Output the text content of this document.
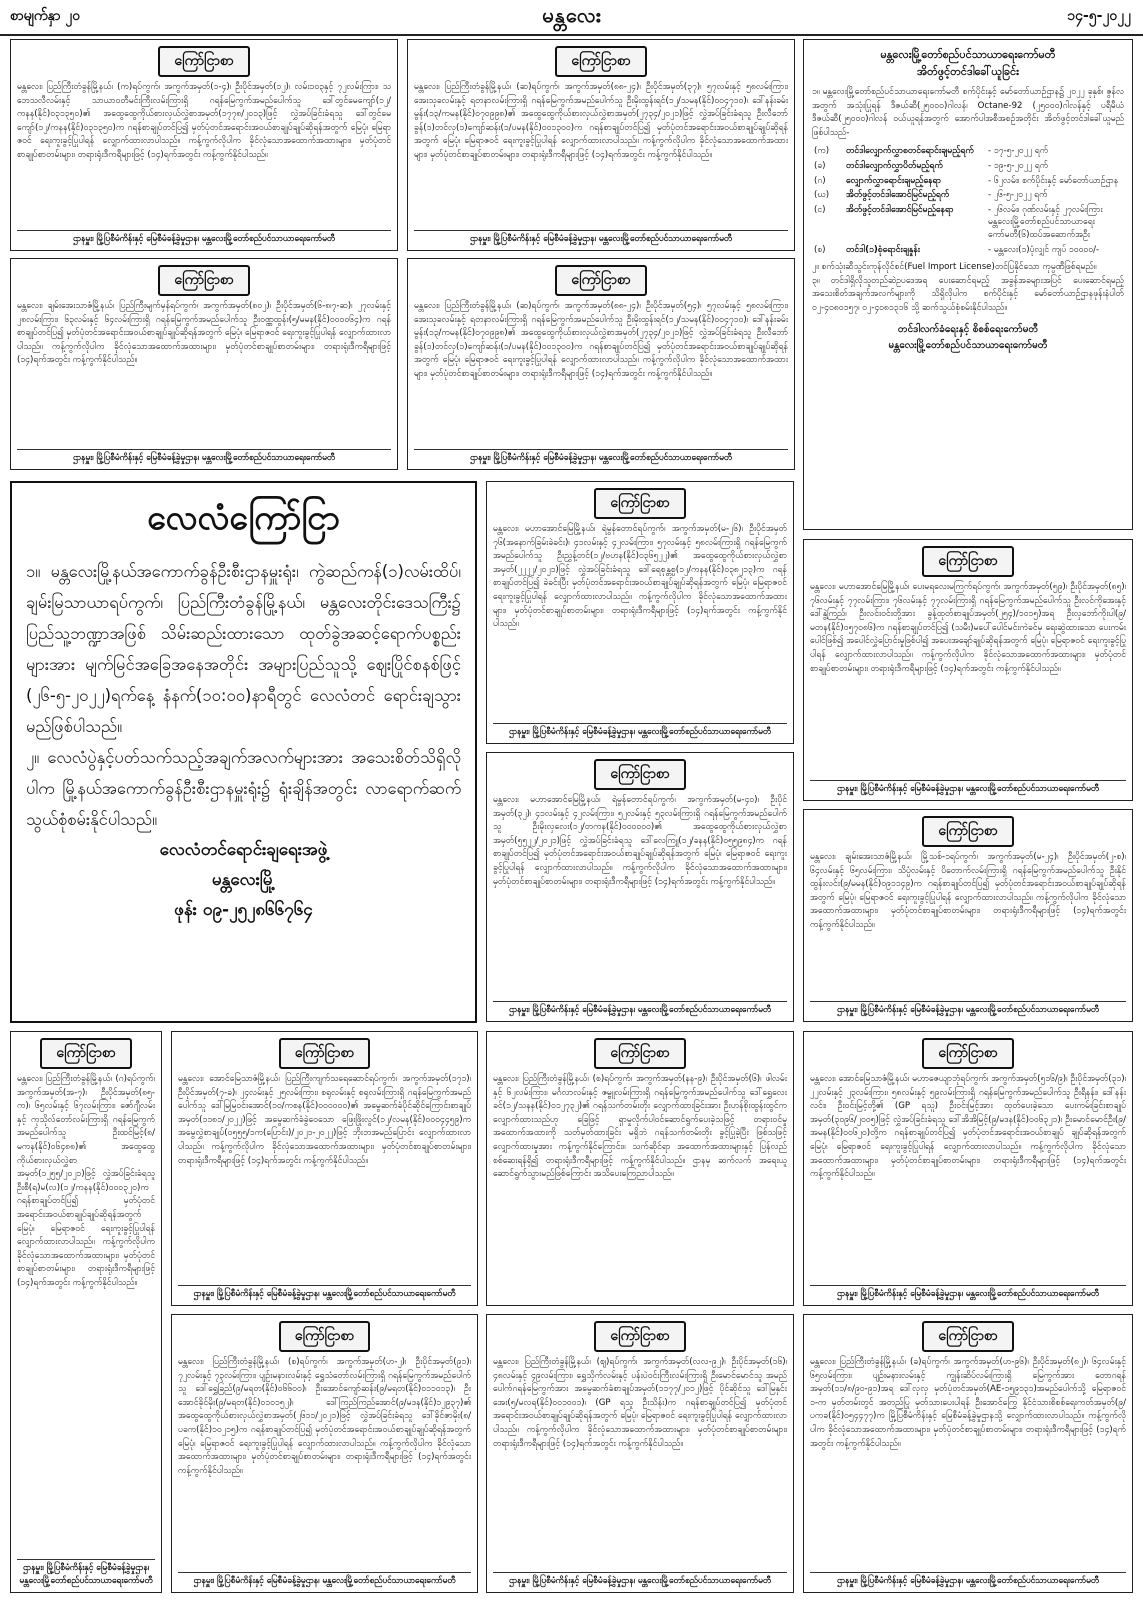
စာမျက်နှာ ၂၀	မန္တလေး	၁၄-၅-၂၀၂၂
ကြော်ငြာစာ
မန္တလေး၊ ပြည်ကြီးတံခွန်မြို့နယ်၊ (က)ရပ်ကွက်၊ အကွက်အမှတ်(၁-၄)၊ ဦးပိုင်အမှတ်(၁၂)၊ လမ်း၁၀၃နှင့် ၇၂လမ်းကြား၊ သဘေသလီလမ်းနှင့် သာယာဝတီမင်းကြီးလမ်းကြားရှိ ဂရန်မြေကွက်အမည်ပေါက်သူ ဒေါ်တွင်မေကျော်(၁၂/ကနန(နိုင်)၀၃၁၃၅၀)၏ အထွေထွေကိုယ်စားလှယ်လွှဲစာအမှတ်(၁၇၇၈/၂၀၁၃)ဖြင့် လွှဲအပ်ခြင်းခံရသူ ဒေါ်တွင်မေကျော်(၁၂/ကနန(နိုင်)၀၃၁၃၅၀)က ဂရန်စာချုပ်တင်ပြ၍ မှတ်ပုံတင်အရောင်းအဝယ်စာချုပ်ချုပ်ဆိုရန်အတွက် မြေပုံ၊ မြေရာဇဝင် ရေးကူးခွင့်ပြုပါရန် လျှောက်ထားလာပါသည်။ ကန့်ကွက်လိုပါက ခိုင်လုံသောအထောက်အထားများ၊ မှတ်ပုံတင်စာချုပ်စာတမ်းများ၊ တရားရုံးဒီကရီများဖြင့် (၁၄)ရက်အတွင်း ကန့်ကွက်နိုင်ပါသည်။
ဌာနမှူး၊ မြို့ပြစီမံကိန်းနှင့် မြေစီမံခန့်ခွဲမှုဌာန၊ မန္တလေးမြို့တော်စည်ပင်သာယာရေးကော်မတီ
ကြော်ငြာစာ
မန္တလေး၊ ပြည်ကြီးတံခွန်မြို့နယ်၊ (ဆ)ရပ်ကွက်၊ အကွက်အမှတ်(၈၈-၂၄)၊ ဦးပိုင်အမှတ်(၃၇)၊ ၅၇လမ်းနှင့် ၅၈လမ်းကြား၊ အေးသုခလမ်းနှင့် ရတနာလမ်းကြားရှိ ဂရန်မြေကွက်အမည်ပေါက်သူ ဦးမိုးထွန်းရင်(၁၂/သမန(နိုင်)၀၀၄၇၁၀)၊ ဒေါ်နန်းခမ်းမွန်း(၁၃/ကမန(နိုင်)၀၇၀၉၉၈)၏ အထွေထွေကိုယ်စားလှယ်လွှဲစာအမှတ်(၂၇၃၄/၂၀၂၁)ဖြင့် လွှဲအပ်ခြင်းခံရသူ ဦးလီဘော်ခွန်(၁)တင်လှ(၁)ကျော်ဆန်း(၁/ပမန(နိုင်)၀၀၁၃၀၀)က ဂရန်စာချုပ်တင်ပြ၍ မှတ်ပုံတင်အရောင်းအဝယ်စာချုပ်ချုပ်ဆိုရန်အတွက် မြေပုံ၊ မြေရာဇဝင် ရေးကူးခွင့်ပြုပါရန် လျှောက်ထားလာပါသည်။ ကန့်ကွက်လိုပါက ခိုင်လုံသောအထောက်အထားများ၊ မှတ်ပုံတင်စာချုပ်စာတမ်းများ၊ တရားရုံးဒီကရီများဖြင့် (၁၄)ရက်အတွင်း ကန့်ကွက်နိုင်ပါသည်။
ဌာနမှူး၊ မြို့ပြစီမံကိန်းနှင့် မြေစီမံခန့်ခွဲမှုဌာန၊ မန္တလေးမြို့တော်စည်ပင်သာယာရေးကော်မတီ
ကြော်ငြာစာ
မန္တလေး၊ ချမ်းအေးသာဇံမြို့နယ်၊ ပြည်ကြီးမျက်မှန်ရပ်ကွက်၊ အကွက်အမှတ်(၈၀၂)၊ ဦးပိုင်အမှတ်(၆-၈၊၇-ဆ)၊ ၂၇လမ်းနှင့် ၂၈လမ်းကြား၊ ၆၃လမ်းနှင့် ၆၄လမ်းကြားရှိ ဂရန်မြေကွက်အမည်ပေါက်သူ ဦးဝဏ္ဏထွန်း(၅/မမန(နိုင်)၀၀၀၀၆၄)က ဂရန်စာချုပ်တင်ပြ၍ မှတ်ပုံတင်အရောင်းအဝယ်စာချုပ်ချုပ်ဆိုရန်အတွက် မြေပုံ၊ မြေရာဇဝင် ရေးကူးခွင့်ပြုပါရန် လျှောက်ထားလာပါသည်။ ကန့်ကွက်လိုပါက ခိုင်လုံသောအထောက်အထားများ၊ မှတ်ပုံတင်စာချုပ်စာတမ်းများ၊ တရားရုံးဒီကရီများဖြင့် (၁၄)ရက်အတွင်း ကန့်ကွက်နိုင်ပါသည်။
ဌာနမှူး၊ မြို့ပြစီမံကိန်းနှင့် မြေစီမံခန့်ခွဲမှုဌာန၊ မန္တလေးမြို့တော်စည်ပင်သာယာရေးကော်မတီ
ကြော်ငြာစာ
မန္တလေး၊ ပြည်ကြီးတံခွန်မြို့နယ်၊ (ဆ)ရပ်ကွက်၊ အကွက်အမှတ်(၈၈-၂၄)၊ ဦးပိုင်အမှတ်(၅၄)၊ ၅၇လမ်းနှင့် ၅၈လမ်းကြား၊ အေးသုခလမ်းနှင့် ရတနာလမ်းကြားရှိ ဂရန်မြေကွက်အမည်ပေါက်သူ ဦးမိုးထွန်းရင်(၁၂/သမန(နိုင်)၀၀၄၇၁၀)၊ ဒေါ်နန်းခမ်းမွန်း(၁၃/ကမန(နိုင်)၀၇၀၉၉၈)၏ အထွေထွေကိုယ်စားလှယ်လွှဲစာအမှတ်(၂၇၃၄/၂၀၂၁)ဖြင့် လွှဲအပ်ခြင်းခံရသူ ဦးလီဘော်ခွန်(၁)တင်လှ(၁)ကျော်ဆန်း(၁/ပမန(နိုင်)၀၀၁၃၀၀)က ဂရန်စာချုပ်တင်ပြ၍ မှတ်ပုံတင်အရောင်းအဝယ်စာချုပ်ချုပ်ဆိုရန်အတွက် မြေပုံ၊ မြေရာဇဝင် ရေးကူးခွင့်ပြုပါရန် လျှောက်ထားလာပါသည်။ ကန့်ကွက်လိုပါက ခိုင်လုံသောအထောက်အထားများ၊ မှတ်ပုံတင်စာချုပ်စာတမ်းများ၊ တရားရုံးဒီကရီများဖြင့် (၁၄)ရက်အတွင်း ကန့်ကွက်နိုင်ပါသည်။
ဌာနမှူး၊ မြို့ပြစီမံကိန်းနှင့် မြေစီမံခန့်ခွဲမှုဌာန၊ မန္တလေးမြို့တော်စည်ပင်သာယာရေးကော်မတီ
မန္တလေးမြို့တော်စည်ပင်သာယာရေးကော်မတီ
အိတ်ဖွင့်တင်ဒါခေါ်ယူခြင်း
၁။ မန္တလေးမြို့တော်စည်ပင်သာယာရေးကော်မတီ စက်ပိုင်းနှင့် မော်တော်ယာဉ်ဌာန၌ ၂၀၂၂ ခုနှစ်၊ ဇွန်လအတွက် အသုံးပြုရန် ဒီဇယ်ဆီ(၂၅၀၀၀)ဂါလန်၊ Octane-92 (၂၅၀၀၀)ဂါလန်နှင့် ပရီမီယံဒီဇယ်ဆီ(၂၅၀၀၀)ဂါလန် ဝယ်ယူရန်အတွက် အောက်ပါအစီအစဉ်အတိုင်း အိတ်ဖွင့်တင်ဒါခေါ်ယူမည်ဖြစ်ပါသည်-
(က)	တင်ဒါလျှောက်လွှာစတင်ရောင်းချမည့်ရက်	- ၁၇-၅-၂၀၂၂ ရက်
(ခ)	တင်ဒါလျှောက်လွှာပိတ်မည့်ရက်	- ၁၉-၅-၂၀၂၂ ရက်
(ဂ)	လျှောက်လွှာရောင်းချမည့်နေရာ	- ၆၂လမ်း၊ စက်ပိုင်းနှင့် မော်တော်ယာဉ်ဌာန
(ဃ)	အိတ်ဖွင့်တင်ဒါအောင်မြင်မည့်ရက်	- ၂၆-၅-၂၀၂၂ ရက်
(င)	အိတ်ဖွင့်တင်ဒါအောင်မြင်မည့်နေရာ	- ၂၆လမ်း၊ ဂုဏ်လမ်းနှင့် ၂၇လမ်းကြား မန္တလေးမြို့တော်စည်ပင်သာယာရေးကော်မတီ(၆)ထပ်အဆောက်အဦး
(စ)	တင်ဒါ(၁)စုံရောင်းချနှုန်း	- မန္တလေး(၁)ပုံလျှင် ကျပ် ၁၀၀၀၀/-
၂။ စက်သုံးဆီသွင်းကုန်လိုင်စင်(Fuel Import License)တင်ပြနိုင်သော ကုမ္ပဏီဖြစ်ရမည်။
၃။ တင်ဒါရှိလိုသူတည်ဆဲဥပဒေအရ ပေးဆောင်ရမည့် အခွန်အခများအပြင် ပေးဆောင်ရမည့် အသေးစိတ်အချက်အလက်များကို သိရှိလိုပါက စက်ပိုင်းနှင့် မော်တော်ယာဉ်ဌာနဖုန်းနံပါတ် ၀၂-၄၀၈၀၁၅၇၊ ၀၂-၄၀၈၁၃၁၆ သို့ ဆက်သွယ်စုံစမ်းနိုင်ပါသည်။
တင်ဒါလက်ခံရေးနှင့် စိစစ်ရေးကော်မတီ
မန္တလေးမြို့တော်စည်ပင်သာယာရေးကော်မတီ
လေလံကြော်ငြာ
၁။ မန္တလေးမြို့နယ်အကောက်ခွန်ဦးစီးဌာနမှူးရုံး၊ ကွဲဆည်ကန်(၁)လမ်းထိပ်၊ ချမ်းမြသာယာရပ်ကွက်၊ ပြည်ကြီးတံခွန်မြို့နယ်၊ မန္တလေးတိုင်းဒေသကြီး၌ ပြည်သူ့ဘဏ္ဍာအဖြစ် သိမ်းဆည်းထားသော ထုတ်ခွဲအဆင့်ရောက်ပစ္စည်းများအား မျက်မြင်အခြေအနေအတိုင်း အများပြည်သူသို့ ဈေးပြိုင်စနစ်ဖြင့် (၂၆-၅-၂၀၂၂)ရက်နေ့ နံနက်(၁၀:၀၀)နာရီတွင် လေလံတင် ရောင်းချသွားမည်ဖြစ်ပါသည်။
၂။ လေလံပွဲနှင့်ပတ်သက်သည့်အချက်အလက်များအား အသေးစိတ်သိရှိလိုပါက မြို့နယ်အကောက်ခွန်ဦးစီးဌာနမှူးရုံး၌ ရုံးချိန်အတွင်း လာရောက်ဆက်သွယ်စုံစမ်းနိုင်ပါသည်။
လေလံတင်ရောင်းချရေးအဖွဲ့
မန္တလေးမြို့
ဖုန်း ၀၉-၂၅၂၈၆၆၇၆၄
ကြော်ငြာစာ
မန္တလေး၊ မဟာအောင်မြေမြို့နယ်၊ ရဲမွန်တောင်ရပ်ကွက်၊ အကွက်အမှတ်(မ-၂၆)၊ ဦးပိုင်အမှတ် ၇၆(အနောက်ခြမ်းခဲခင်း)၊ ၄၁လမ်းနှင့် ၄၂လမ်းကြား၊ ၅၇လမ်းနှင့် ၅၈လမ်းကြားရှိ ဂရန်မြေကွက်အမည်ပေါက်သူ ဦးညွှန့်တင်(၁၂/ဗဟန(နိုင်)၀၃၆၅၂၂)၏ အထွေထွေကိုယ်စားလှယ်လွှဲစာအမှတ်(၂၂၂၂/၂၀၂၁)ဖြင့် လွှဲအပ်ခြင်းခံရသူ ဒေါ်ရေစုန္တစ္ပ(၁၂/ကနန(နိုင်)၀၃၈၂၁၃)က ဂရန်စာချုပ်တင်ပြ၍ ခဲခင်းပြီး မှတ်ပုံတင်အရောင်းအဝယ်စာချုပ်ချုပ်ဆိုရန်အတွက် မြေပုံ၊ မြေရာဇဝင် ရေးကူးခွင့်ပြုပါရန် လျှောက်ထားလာပါသည်။ ကန့်ကွက်လိုပါက ခိုင်လုံသောအထောက်အထားများ၊ မှတ်ပုံတင်စာချုပ်စာတမ်းများ၊ တရားရုံးဒီကရီများဖြင့် (၁၄)ရက်အတွင်း ကန့်ကွက်နိုင်ပါသည်။
ဌာနမှူး၊ မြို့ပြစီမံကိန်းနှင့် မြေစီမံခန့်ခွဲမှုဌာန၊ မန္တလေးမြို့တော်စည်ပင်သာယာရေးကော်မတီ
ကြော်ငြာစာ
မန္တလေး၊ မဟာအောင်မြေမြို့နယ်၊ ရဲမွန်တောင်ရပ်ကွက်၊ အကွက်အမှတ်(မ-၄၀)၊ ဦးပိုင်အမှတ်(၃၂)၊ ၄၁လမ်းနှင့် ၄၂လမ်းကြား၊ ၅၂လမ်းနှင့် ၅၃လမ်းကြားရှိ ဂရန်မြေကွက်အမည်ပေါက်သူ ဦးမိုးလှလေး(၁၂/တကန(နိုင်)၀၀၀၀၀၀)၏ အထွေထွေကိုယ်စားလှယ်လွှဲစာအမှတ်(၅၅၂၂/၂၀၂၁)ဖြင့် လွှဲအပ်ခြင်းခံရသူ ဒေါ်လေကြူ(၁၂/ခနန(နိုင်)၀၅၅၉၈၄)က ဂရန်စာချုပ်တင်ပြ၍ မှတ်ပုံတင်အရောင်းအဝယ်စာချုပ်ချုပ်ဆိုရန်အတွက် မြေပုံ၊ မြေရာဇဝင် ရေးကူးခွင့်ပြုပါရန် လျှောက်ထားလာပါသည်။ ကန့်ကွက်လိုပါက ခိုင်လုံသောအထောက်အထားများ၊ မှတ်ပုံတင်စာချုပ်စာတမ်းများ၊ တရားရုံးဒီကရီများဖြင့် (၁၄)ရက်အတွင်း ကန့်ကွက်နိုင်ပါသည်။
ဌာနမှူး၊ မြို့ပြစီမံကိန်းနှင့် မြေစီမံခန့်ခွဲမှုဌာန၊ မန္တလေးမြို့တော်စည်ပင်သာယာရေးကော်မတီ
ကြော်ငြာစာ
မန္တလေး၊ မဟာအောင်မြေမြို့နယ်၊ ပေးမရလေးမကြက်ရပ်ကွက်၊ အကွက်အမှတ်(၅၉)၊ ဦးပိုင်အမှတ်(၈၅)၊ ၇၆လမ်းနှင့် ၇၇လမ်းကြား၊ ၇၆လမ်းနှင့် ၇၇လမ်းကြားရှိ ဂရန်မြေကွက်အမည်ပေါက်သူ ဦးလင်ကိုအေးနှင့် ဒေါ်နွဲ့ကြည်၊ ဦးလင်းဝင်းတို့အား ခွန့်ထုတ်စာချုပ်အမှတ်(၂၅၄)/၁၀၁၅)အရ ဦးလှဘော်ကိုးပါ(၉/မတန(နိုင်)၀၅၇၀၈၆)က ဂရန်စာချုပ်တင်ပြ၍ (သမီး)မပေါ်ပေါင်မင်းကဲခင်မှ ရေးဆွဲထားသော ပေးကမ်းပေါင်ဖြစ်၍ အပေါင်လွှဲပြောင်းမှုဖြစ်ပါ၍ အပေးအချော်ချုပ်ဆိုရန်အတွက် မြေပုံ၊ မြေရာဇဝင် ရေးကူးခွင့်ပြုပါရန် လျှောက်ထားလာပါသည်။ ကန့်ကွက်လိုပါက ခိုင်လုံသောအထောက်အထားများ၊ မှတ်ပုံတင်စာချုပ်စာတမ်းများ၊ တရားရုံးဒီကရီများဖြင့် (၁၄)ရက်အတွင်း ကန့်ကွက်နိုင်ပါသည်။
ဌာနမှူး၊ မြို့ပြစီမံကိန်းနှင့် မြေစီမံခန့်ခွဲမှုဌာန၊ မန္တလေးမြို့တော်စည်ပင်သာယာရေးကော်မတီ
ကြော်ငြာစာ
မန္တလေး၊ ချမ်းအေးသာဇံမြို့နယ်၊ မြို့သစ်-၁ရပ်ကွက်၊ အကွက်အမှတ်(မ-၂၄)၊ ဦးပိုင်အမှတ်(၂-စ)၊ ၆၄လမ်းနှင့် ၆၅လမ်းကြား၊ သိပ္ပံလမ်းနှင့် ပိတောက်လမ်းကြားရှိ ဂရန်မြေကွက်အမည်ပေါက်သူ ဦးနိုင်ထွန်းလင်း(၉/မမန(နိုင်)၀၉၁၁၄၉)က ဂရန်စာချုပ်တင်ပြ၍ မှတ်ပုံတင်အရောင်းအဝယ်စာချုပ်ချုပ်ဆိုရန်အတွက် မြေပုံ၊ မြေရာဇဝင် ရေးကူးခွင့်ပြုပါရန် လျှောက်ထားလာပါသည်။ ကန့်ကွက်လိုပါက ခိုင်လုံသောအထောက်အထားများ၊ မှတ်ပုံတင်စာချုပ်စာတမ်းများ၊ တရားရုံးဒီကရီများဖြင့် (၁၄)ရက်အတွင်း ကန့်ကွက်နိုင်ပါသည်။
ဌာနမှူး၊ မြို့ပြစီမံကိန်းနှင့် မြေစီမံခန့်ခွဲမှုဌာန၊ မန္တလေးမြို့တော်စည်ပင်သာယာရေးကော်မတီ
ကြော်ငြာစာ
မန္တလေး၊ ပြည်ကြီးတံခွန်မြို့နယ်၊ (ဂ)ရပ်ကွက်၊ အကွက်အမှတ်(အ-၇)၊ ဦးပိုင်အမှတ်(၈၅-က)၊ ၆၅လမ်းနှင့် ၆၇လမ်းကြား၊ ဇော်ဂျီလမ်းနှင့် ကုသိုလ်တော်လမ်းကြားရှိ ဂရန်မြေကွက်အမည်ပေါက်သူ ဦးထင်မြင့်(၈/မကန(နိုင်)၀၆၄၈၈)၏ အထွေထွေကိုယ်စားလှယ်လွှဲစာအမှတ်(၁၂၅၅/၂၀၂၁)ဖြင့် လွှဲအပ်ခြင်းခံရသူ ဦးစီ(ရ)မ(လ)(၁၂/ကနန(နိုင်)၀၀၀၃၂၀)က ဂရန်စာချုပ်တင်ပြ၍ မှတ်ပုံတင်အရောင်းအဝယ်စာချုပ်ချုပ်ဆိုရန်အတွက် မြေပုံ၊ မြေရာဇဝင် ရေးကူးခွင့်ပြုပါရန် လျှောက်ထားလာပါသည်။ ကန့်ကွက်လိုပါက ခိုင်လုံသောအထောက်အထားများ၊ မှတ်ပုံတင်စာချုပ်စာတမ်းများ၊ တရားရုံးဒီကရီများဖြင့် (၁၄)ရက်အတွင်း ကန့်ကွက်နိုင်ပါသည်။
ဌာနမှူး၊ မြို့ပြစီမံကိန်းနှင့် မြေစီမံခန့်ခွဲမှုဌာန၊ မန္တလေးမြို့တော်စည်ပင်သာယာရေးကော်မတီ
ကြော်ငြာစာ
မန္တလေး၊ အောင်မြေသာဇံမြို့နယ်၊ ပြည်ကြီးကျက်သရေဆောင်ရပ်ကွက်၊ အကွက်အမှတ်(၁၇၁)၊ ဦးပိုင်အမှတ်(၇-ခ)၊ ၂၄လမ်းနှင့် ၂၅လမ်းကြား၊ စရုလမ်းနှင့် စရုလမ်းကြားရှိ ဂရန်မြေကွက်အမည်ပေါက်သူ ဒေါ်မြမြဝင်းအောင်(၁၀/ကစန(နိုင်)၀၀၀၀၀၀)၏ အမွေဆက်ခံပိုင်ဆိုင်ကြောင်းစာချုပ်အမှတ်(၁၁၈၁/၂၀၂၂)ဖြင့် အမွေဆက်ခံခွဲဝေသော ဖြေးဖြိုးလွင်(၁၂/လမန(နိုင်)၀၀၀၄၄၅၉)က အမွေလွှဲစာချုပ်(၀၅၅၅/၁က(ပြောင်း)/၂၀၂၁-၂၀၂၂)ဖြင့် ဘိုးဘအမည်ပြောင်း လျှောက်ထားလာပါသည်။ ကန့်ကွက်လိုပါက ခိုင်လုံသောအထောက်အထားများ၊ မှတ်ပုံတင်စာချုပ်စာတမ်းများ၊ တရားရုံးဒီကရီများဖြင့် (၁၄)ရက်အတွင်း ကန့်ကွက်နိုင်ပါသည်။
ဌာနမှူး၊ မြို့ပြစီမံကိန်းနှင့် မြေစီမံခန့်ခွဲမှုဌာန၊ မန္တလေးမြို့တော်စည်ပင်သာယာရေးကော်မတီ
ကြော်ငြာစာ
မန္တလေး၊ ပြည်ကြီးတံခွန်မြို့နယ်၊ (စ)ရပ်ကွက်၊ အကွက်အမှတ်(နန-၉)၊ ဦးပိုင်အမှတ်(၆)၊ ဖါလမ်းနှင့် ၆၂လမ်းကြား၊ မင်္ဂလာလမ်းနှင့် ဇမ္ဗူလမ်းကြားရှိ ဂရန်မြေကွက်အမည်ပေါက်သူ ဒေါ်ရွှေလေးခင်(၁၂/သနန(နိုင်)၀၁၂၇၃၂)၏ ဂရန်သက်တမ်းတိုး လျှောက်ထားခြင်းအား ဦးဟန်စိုးထွန်းထွင်က လျှောက်ထားသည်ဟု ခြေဖြင့် ရှာမှုလိုက်ပါဝင်ဆောင်ရွက်ပေးခဲ့သဖြင့် တရားဝင်မှုအထောက်အထားကို သတ်မှတ်ထားခြင်း မရှိဘဲ ဂရန်သက်တမ်းတိုး ခွင့်ပြုခဲ့ပြီး ဖြစ်သဖြင့် လျှောက်ထားမှုအား ကန့်ကွက်နိုင်ကြောင်း။ သက်ဆိုင်ရာ အထောက်အထားများနှင့် ပြန်လည်စစ်ဆေးရန်ရှိ၍ တရားရုံးဒီကရီများဖြင့် ကန့်ကွက်နိုင်ပါသည်။ ဌာနမှ ဆက်လက် အရေးယူဆောင်ရွက်သွားမည်ဖြစ်ကြောင်း အသိပေးကြေညာပါသည်။
ကြော်ငြာစာ
မန္တလေး၊ အောင်မြေသာဇံမြို့နယ်၊ မဟာဇေယျာဘုံရပ်ကွက်၊ အကွက်အမှတ်(၅၁၆/၉)၊ ဦးပိုင်အမှတ်(၃၁)၊ ၂၂လမ်းနှင့် ၂၃လမ်းကြား၊ ၅၈လမ်းနှင့် ၅၉လမ်းကြားရှိ ဂရန်မြေကွက်အမည်ပေါက်သူ ဦးရီနန်း၊ ဒေါ်နန်းလင်း၊ ဦးဝင်းမြင့်တို့၏ (GP ရသူ) ဦးဝင်းမြင့်အား ထုတ်ပေးခဲ့သော ပေးကမ်းခြင်းစာချုပ်အမှတ်(၃၀၉၆/၂၀၀၅)ဖြင့် လွှဲအပ်ခြင်းခံရသူ ဒေါ်အိအိမြင့်(၉/မဒန(နိုင်)၀၀၆၃၂၁)၊ ဦးမောင်မောင်ဦး(၉/အမန(နိုင်)၀၀၆၂၀)တို့က ဂရန်စာချုပ်တင်ပြ၍ မှတ်ပုံတင်အရောင်းအဝယ်စာချုပ် ချုပ်ဆိုရန်အတွက် မြေပုံ၊ မြေရာဇဝင် ရေးကူးခွင့်ပြုပါရန် လျှောက်ထားလာပါသည်။ ကန့်ကွက်လိုပါက ခိုင်လုံသောအထောက်အထားများ၊ မှတ်ပုံတင်စာချုပ်စာတမ်းများ၊ တရားရုံးဒီကရီများဖြင့် (၁၄)ရက်အတွင်း ကန့်ကွက်နိုင်ပါသည်။
ဌာနမှူး၊ မြို့ပြစီမံကိန်းနှင့် မြေစီမံခန့်ခွဲမှုဌာန၊ မန္တလေးမြို့တော်စည်ပင်သာယာရေးကော်မတီ
ကြော်ငြာစာ
မန္တလေး၊ ပြည်ကြီးတံခွန်မြို့နယ်၊ (စ)ရပ်ကွက်၊ အကွက်အမှတ်(ဟ-၂)၊ ဦးပိုင်အမှတ်(၉၁)၊ ၇၂လမ်းနှင့် ၇၃လမ်းကြား၊ ပျဉ်းမနားလမ်းနှင့် ရွှေသံတော်လမ်းကြားရှိ ဂရန်မြေကွက်အမည်ပေါက်သူ ဒေါ်ရွှေခြည်(၉/မရတ(နိုင်)၀၆၆၀၀)၊ ဦးအောင်ကျော်ဆန်း(၉/မရတ(နိုင်)၀၁၁၀၁၃)၊ ဦးအောင်ခိုင်မိုး(၉/မရတ(နိုင်)၀၁၀၁၅၂)၊ ဒေါ်ကြည်ကြည်အောင်(၉/မဒန(နိုင်)၁၂၉၃၇)၏ အထွေထွေကိုယ်စားလှယ်လွှဲစာအမှတ်(၂၆၁၁/၂၀၂၁)ဖြင့် လွှဲအပ်ခြင်းခံရသူ ဒေါ်ခိုင်ဇာမိုး(၈/ပခက(နိုင်)၁၀၂၁၅)က ဂရန်စာချုပ်တင်ပြ၍ မှတ်ပုံတင်အရောင်းအဝယ်စာချုပ်ချုပ်ဆိုရန်အတွက် မြေပုံ၊ မြေရာဇဝင် ရေးကူးခွင့်ပြုပါရန် လျှောက်ထားလာပါသည်။ ကန့်ကွက်လိုပါက ခိုင်လုံသောအထောက်အထားများ၊ မှတ်ပုံတင်စာချုပ်စာတမ်းများ၊ တရားရုံးဒီကရီများဖြင့် (၁၄)ရက်အတွင်း ကန့်ကွက်နိုင်ပါသည်။
ဌာနမှူး၊ မြို့ပြစီမံကိန်းနှင့် မြေစီမံခန့်ခွဲမှုဌာန၊ မန္တလေးမြို့တော်စည်ပင်သာယာရေးကော်မတီ
ကြော်ငြာစာ
မန္တလေး၊ ပြည်ကြီးတံခွန်မြို့နယ်၊ (ဈ)ရပ်ကွက်၊ အကွက်အမှတ်(လလ-၉၂)၊ ဦးပိုင်အမှတ်(၁၆)၊ ၄၈လမ်းနှင့် ၄၉လမ်းကြား၊ ရွှေသိုက်လမ်းနှင့် ပန်းပဲဝင်းကြီးလမ်းကြားရှိ ဦးမောင်မောင်သူ အမည်ပေါက်ဂရန်မြေကွက်အား အမွေဆက်ခံစာချုပ်အမှတ်(၁၁၇၇/၂၀၁၂)ဖြင့် ပိုင်ဆိုင်သူ ဒေါ်မြနှင်းအေး(၅/မလရ(နိုင်)၀၀၁၀၀၁)၊ (GP ရသူ ဦးသိန်း)က ဂရန်စာချုပ်တင်ပြ၍ မှတ်ပုံတင်အရောင်းအဝယ်စာချုပ်ချုပ်ဆိုရန်အတွက် မြေပုံ၊ မြေရာဇဝင် ရေးကူးခွင့်ပြုပါရန် လျှောက်ထားလာပါသည်။ ကန့်ကွက်လိုပါက ခိုင်လုံသောအထောက်အထားများ၊ မှတ်ပုံတင်စာချုပ်စာတမ်းများ၊ တရားရုံးဒီကရီများဖြင့် (၁၄)ရက်အတွင်း ကန့်ကွက်နိုင်ပါသည်။
ဌာနမှူး၊ မြို့ပြစီမံကိန်းနှင့် မြေစီမံခန့်ခွဲမှုဌာန၊ မန္တလေးမြို့တော်စည်ပင်သာယာရေးကော်မတီ
ကြော်ငြာစာ
မန္တလေး၊ ပြည်ကြီးတံခွန်မြို့နယ်၊ (ခ)ရပ်ကွက်၊ အကွက်အမှတ်(ဟ-၉၆)၊ ဦးပိုင်အမှတ်(၈၂)၊ ၆၄လမ်းနှင့် ၆၅လမ်းကြား၊ ပျဉ်းမနားလမ်းနှင့် ကျွန်းဆိပ်လမ်းကြားရှိ မြေကွက်အား တောဂရန်အမှတ်(၁၁/၈/၉၀-၉၁)အရ ဒေါ်လှလှ မှတ်ပုံတင်အမှတ်(AE-၁၅၉၁၃၁)အမည်ပေါက်သို့ မြေရာဇဝင် ၁-က မှတ်တမ်းတွင် အတည်ပြု မှတ်သားပေးပါရန် ဦးအောင်ကြွေ နိုင်ငံသားစိစစ်ရေးကတ်အမှတ်(၉/ပကခ(နိုင်)၀၅၄၄၇၇)က မြို့ပြစီမံကိန်းနှင့် မြေစီမံခန့်ခွဲမှုဌာနသို့ လျှောက်ထားလာပါသည်။ ကန့်ကွက်လိုပါက ခိုင်လုံသောအထောက်အထားများ၊ မှတ်ပုံတင်စာချုပ်စာတမ်းများ၊ တရားရုံးဒီကရီများဖြင့် (၁၄)ရက်အတွင်း ကန့်ကွက်နိုင်ပါသည်။
ဌာနမှူး၊ မြို့ပြစီမံကိန်းနှင့် မြေစီမံခန့်ခွဲမှုဌာန၊ မန္တလေးမြို့တော်စည်ပင်သာယာရေးကော်မတီ
